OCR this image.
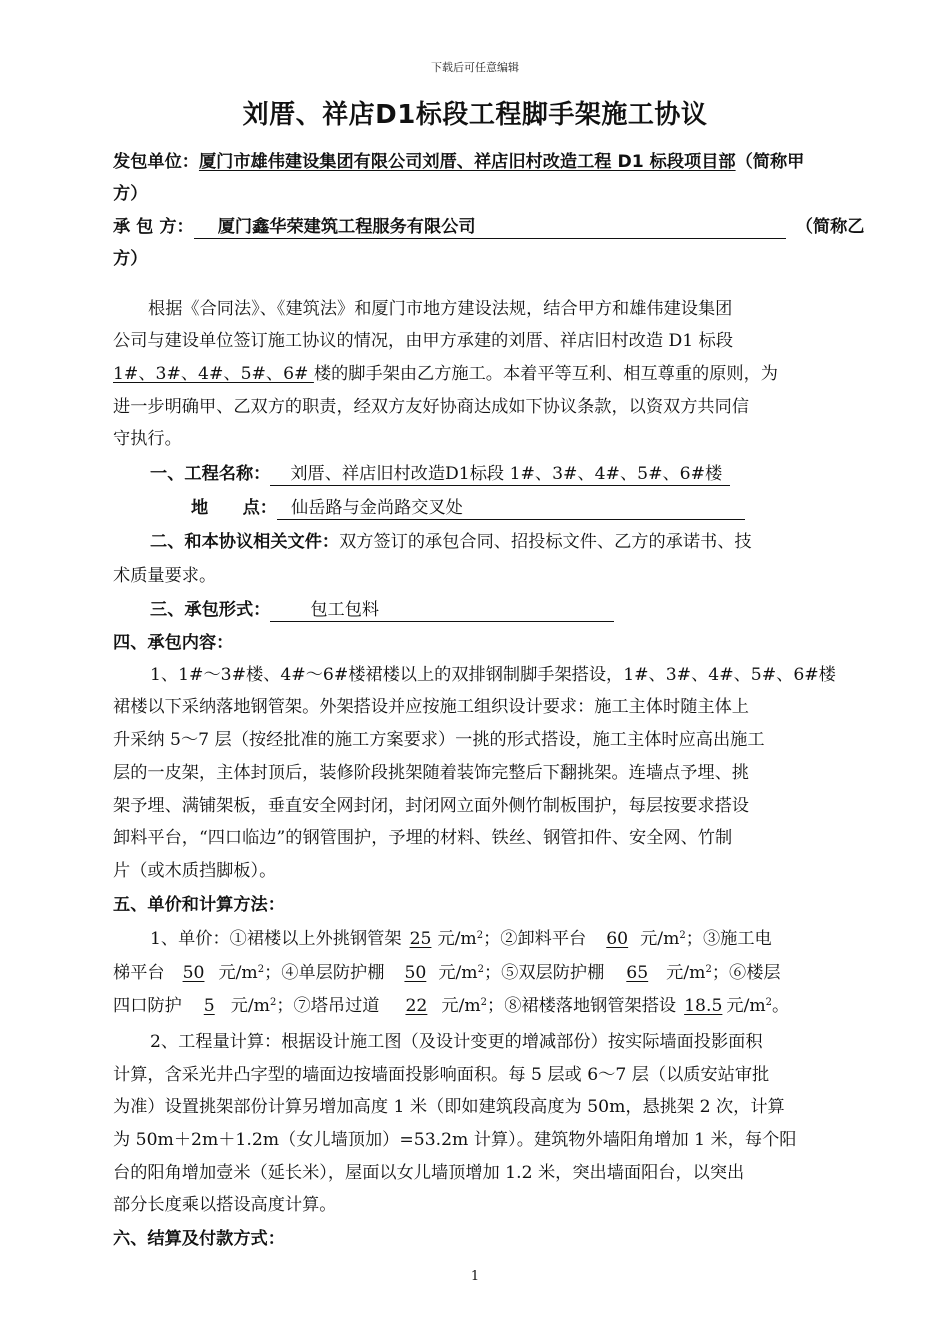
下载后可任意编辑
刘厝、祥店D1标段工程脚手架施工协议
发包单位：厦门市雄伟建设集团有限公司刘厝、祥店旧村改造工程 D1 标段项目部（简称甲
方）
承 包 方： 厦门鑫华荣建筑工程服务有限公司	（简称乙
方）
根据《合同法》、《建筑法》和厦门市地方建设法规，结合甲方和雄伟建设集团
公司与建设单位签订施工协议的情况，由甲方承建的刘厝、祥店旧村改造 D1 标段
1#、3#、4#、5#、6# 楼的脚手架由乙方施工。本着平等互利、相互尊重的原则，为
进一步明确甲、乙双方的职责，经双方友好协商达成如下协议条款，以资双方共同信
守执行。
一、工程名称： 刘厝、祥店旧村改造D1标段 1#、3#、4#、5#、6#楼
地　　点： 仙岳路与金尚路交叉处
二、和本协议相关文件：双方签订的承包合同、招投标文件、乙方的承诺书、技
术质量要求。
三、承包形式： 包工包料
四、承包内容：
1、1#～3#楼、4#～6#楼裙楼以上的双排钢制脚手架搭设，1#、3#、4#、5#、6#楼
裙楼以下采纳落地钢管架。外架搭设并应按施工组织设计要求：施工主体时随主体上
升采纳 5～7 层（按经批准的施工方案要求）一挑的形式搭设，施工主体时应高出施工
层的一皮架，主体封顶后，装修阶段挑架随着装饰完整后下翻挑架。连墙点予埋、挑
架予埋、满铺架板，垂直安全网封闭，封闭网立面外侧竹制板围护，每层按要求搭设
卸料平台，“四口临边”的钢管围护，予埋的材料、铁丝、钢管扣件、安全网、竹制
片（或木质挡脚板）。
五、单价和计算方法：
1、单价：①裙楼以上外挑钢管架 25 元$/m^2$；②卸料平台 60 元$/m^2$；③施工电
梯平台 50 元$/m^2$；④单层防护棚 50 元$/m^2$；⑤双层防护棚 65 元$/m^2$；⑥楼层
四口防护 5 元$/m^2$；⑦塔吊过道 22 元$/m^2$；⑧裙楼落地钢管架搭设 18.5 元$/m^2$。
2、工程量计算：根据设计施工图（及设计变更的增减部份）按实际墙面投影面积
计算，含采光井凸字型的墙面边按墙面投影响面积。每 5 层或 6～7 层（以质安站审批
为准）设置挑架部份计算另增加高度 1 米（即如建筑段高度为 50m，悬挑架 2 次，计算
为 50m＋2m＋1.2m（女儿墙顶加）=53.2m 计算）。建筑物外墙阳角增加 1 米，每个阳
台的阳角增加壹米（延长米），屋面以女儿墙顶增加 1.2 米，突出墙面阳台，以突出
部分长度乘以搭设高度计算。
六、结算及付款方式：
1
